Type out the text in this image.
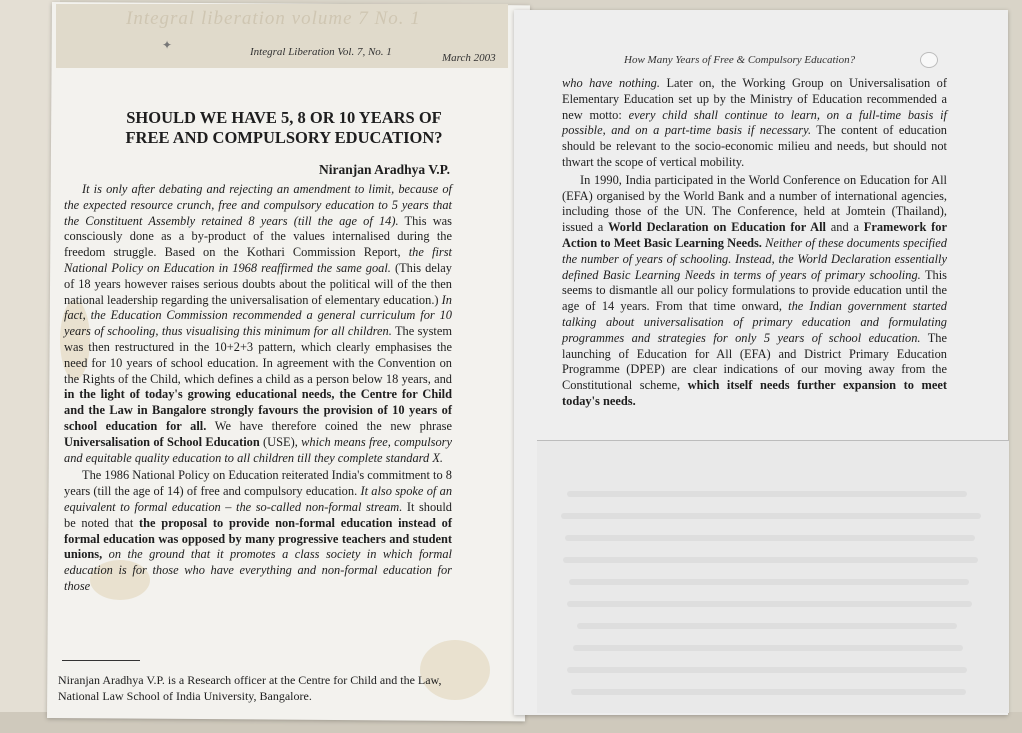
Integral liberation volume 7 No. 1
✦	Integral Liberation Vol. 7, No. 1	March 2003	How Many Years of Free & Compulsory Education?
SHOULD WE HAVE 5, 8 OR 10 YEARS OF
FREE AND COMPULSORY EDUCATION?
Niranjan Aradhya V.P.

It is only after debating and rejecting an amendment to limit, because of the expected resource crunch, free and compulsory education to 5 years that the Constituent Assembly retained 8 years (till the age of 14). This was consciously done as a by-product of the values internalised during the freedom struggle. Based on the Kothari Commission Report, the first National Policy on Education in 1968 reaffirmed the same goal. (This delay of 18 years however raises serious doubts about the political will of the then national leadership regarding the universalisation of elementary education.) In fact, the Education Commission recommended a general curriculum for 10 years of schooling, thus visualising this minimum for all children. The system was then restructured in the 10+2+3 pattern, which clearly emphasises the need for 10 years of school education. In agreement with the Convention on the Rights of the Child, which defines a child as a person below 18 years, and in the light of today's growing educational needs, the Centre for Child and the Law in Bangalore strongly favours the provision of 10 years of school education for all. We have therefore coined the new phrase Universalisation of School Education (USE), which means free, compulsory and equitable quality education to all children till they complete standard X.

The 1986 National Policy on Education reiterated India's commitment to 8 years (till the age of 14) of free and compulsory education. It also spoke of an equivalent to formal education – the so-called non-formal stream. It should be noted that the proposal to provide non-formal education instead of formal education was opposed by many progressive teachers and student unions, on the ground that it promotes a class society in which formal education is for those who have everything and non-formal education for those

Niranjan Aradhya V.P. is a Research officer at the Centre for Child and the Law, National Law School of India University, Bangalore.

who have nothing. Later on, the Working Group on Universalisation of Elementary Education set up by the Ministry of Education recommended a new motto: every child shall continue to learn, on a full-time basis if possible, and on a part-time basis if necessary. The content of education should be relevant to the socio-economic milieu and needs, but should not thwart the scope of vertical mobility.

In 1990, India participated in the World Conference on Education for All (EFA) organised by the World Bank and a number of international agencies, including those of the UN. The Conference, held at Jomtein (Thailand), issued a World Declaration on Education for All and a Framework for Action to Meet Basic Learning Needs. Neither of these documents specified the number of years of schooling. Instead, the World Declaration essentially defined Basic Learning Needs in terms of years of primary schooling. This seems to dismantle all our policy formulations to provide education until the age of 14 years. From that time onward, the Indian government started talking about universalisation of primary education and formulating programmes and strategies for only 5 years of school education. The launching of Education for All (EFA) and District Primary Education Programme (DPEP) are clear indications of our moving away from the Constitutional scheme, which itself needs further expansion to meet today's needs.
